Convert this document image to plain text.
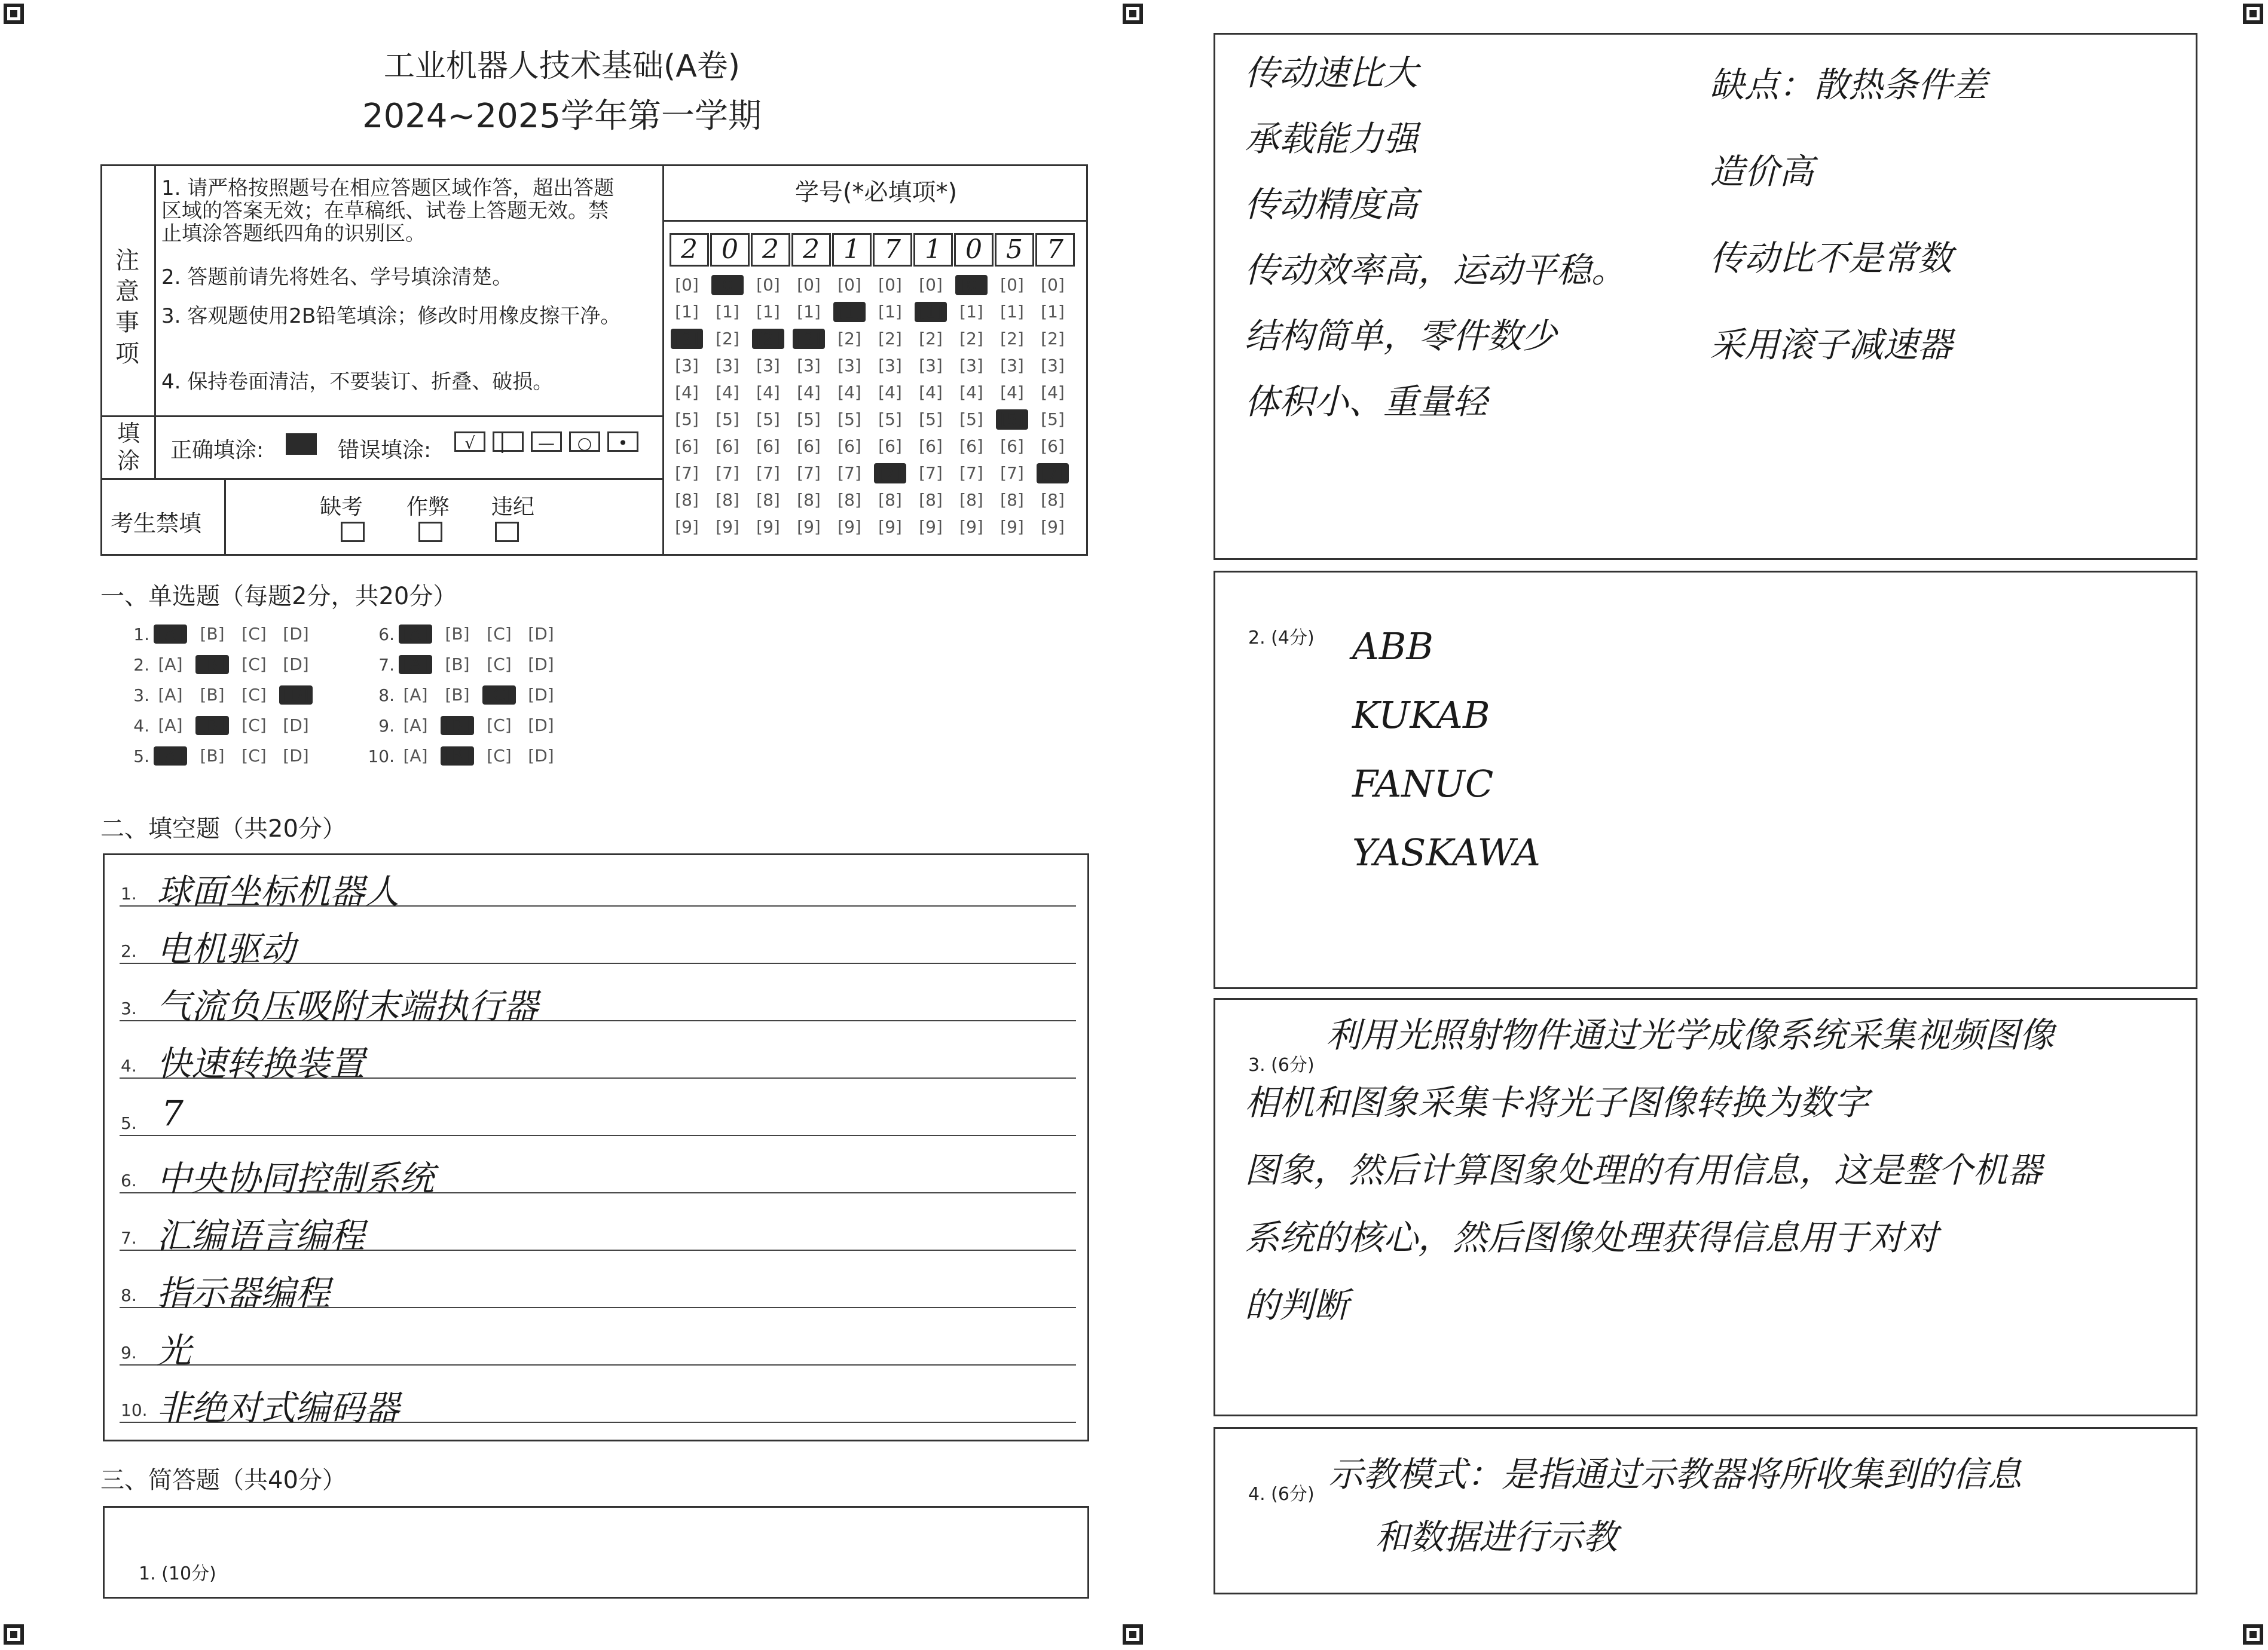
工业机器人技术基础(A卷)
2024~2025学年第一学期
注意事项
1. 请严格按照题号在相应答题区域作答，超出答题区域的答案无效；在草稿纸、试卷上答题无效。禁止填涂答题纸四角的识别区。
2. 答题前请先将姓名、学号填涂清楚。
3. 客观题使用2B铅笔填涂；修改时用橡皮擦干净。
4. 保持卷面清洁，不要装订、折叠、破损。
填涂 正确填涂:	错误填涂:	√	▏	—	○	•
考生禁填
缺考 作弊 违纪
学号(*必填项*)
2 0 2 2 1 7 1 0 5 7
[0] [0] [0] [0] [0] [0] [0] [0] [0] [0]
[1] [1] [1] [1] [1] [1] [1] [1] [1] [1]
[2] [2] [2] [2] [2] [2] [2] [2] [2] [2]
[3] [3] [3] [3] [3] [3] [3] [3] [3] [3]
[4] [4] [4] [4] [4] [4] [4] [4] [4] [4]
[5] [5] [5] [5] [5] [5] [5] [5] [5] [5]
[6] [6] [6] [6] [6] [6] [6] [6] [6] [6]
[7] [7] [7] [7] [7] [7] [7] [7] [7] [7]
[8] [8] [8] [8] [8] [8] [8] [8] [8] [8]
[9] [9] [9] [9] [9] [9] [9] [9] [9] [9]
一、单选题（每题2分，共20分）
1. [A] [B] [C] [D]
2. [A] [B] [C] [D]
3. [A] [B] [C] [D]
4. [A] [B] [C] [D]
5. [A] [B] [C] [D]
6. [A] [B] [C] [D]
7. [A] [B] [C] [D]
8. [A] [B] [C] [D]
9. [A] [B] [C] [D]
10. [A] [B] [C] [D]
二、填空题（共20分）
1. 球面坐标机器人
2. 电机驱动
3. 气流负压吸附末端执行器
4. 快速转换装置
5. 7
6. 中央协同控制系统
7. 汇编语言编程
8. 指示器编程
9. 光
10. 非绝对式编码器
三、简答题（共40分）
1. (10分)
传动速比大
承载能力强
传动精度高
传动效率高，运动平稳。
结构简单，零件数少
体积小、重量轻
缺点：散热条件差
造价高
传动比不是常数
采用滚子减速器
2. (4分) ABB
KUKAB
FANUC
YASKAWA
3. (6分)
利用光照射物件通过光学成像系统采集视频图像
相机和图象采集卡将光子图像转换为数字
图象，然后计算图象处理的有用信息，这是整个机器
系统的核心，然后图像处理获得信息用于对对
的判断
4. (6分) 示教模式：是指通过示教器将所收集到的信息
和数据进行示教
